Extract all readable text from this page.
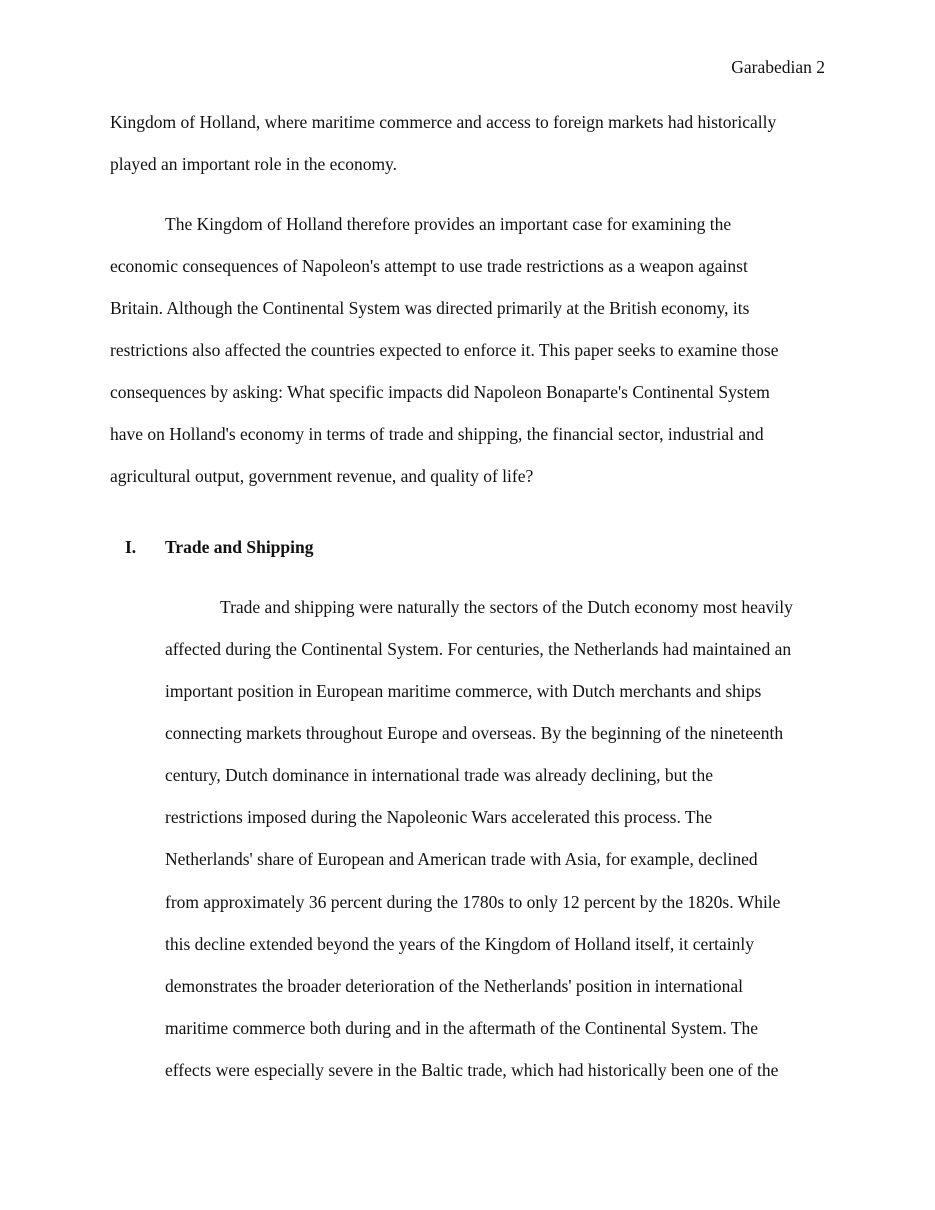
Garabedian 2
Kingdom of Holland, where maritime commerce and access to foreign markets had historically
played an important role in the economy.
The Kingdom of Holland therefore provides an important case for examining the
economic consequences of Napoleon's attempt to use trade restrictions as a weapon against
Britain. Although the Continental System was directed primarily at the British economy, its
restrictions also affected the countries expected to enforce it. This paper seeks to examine those
consequences by asking: What specific impacts did Napoleon Bonaparte's Continental System
have on Holland's economy in terms of trade and shipping, the financial sector, industrial and
agricultural output, government revenue, and quality of life?
I. Trade and Shipping
Trade and shipping were naturally the sectors of the Dutch economy most heavily
affected during the Continental System. For centuries, the Netherlands had maintained an
important position in European maritime commerce, with Dutch merchants and ships
connecting markets throughout Europe and overseas. By the beginning of the nineteenth
century, Dutch dominance in international trade was already declining, but the
restrictions imposed during the Napoleonic Wars accelerated this process. The
Netherlands' share of European and American trade with Asia, for example, declined
from approximately 36 percent during the 1780s to only 12 percent by the 1820s. While
this decline extended beyond the years of the Kingdom of Holland itself, it certainly
demonstrates the broader deterioration of the Netherlands' position in international
maritime commerce both during and in the aftermath of the Continental System. The
effects were especially severe in the Baltic trade, which had historically been one of the
